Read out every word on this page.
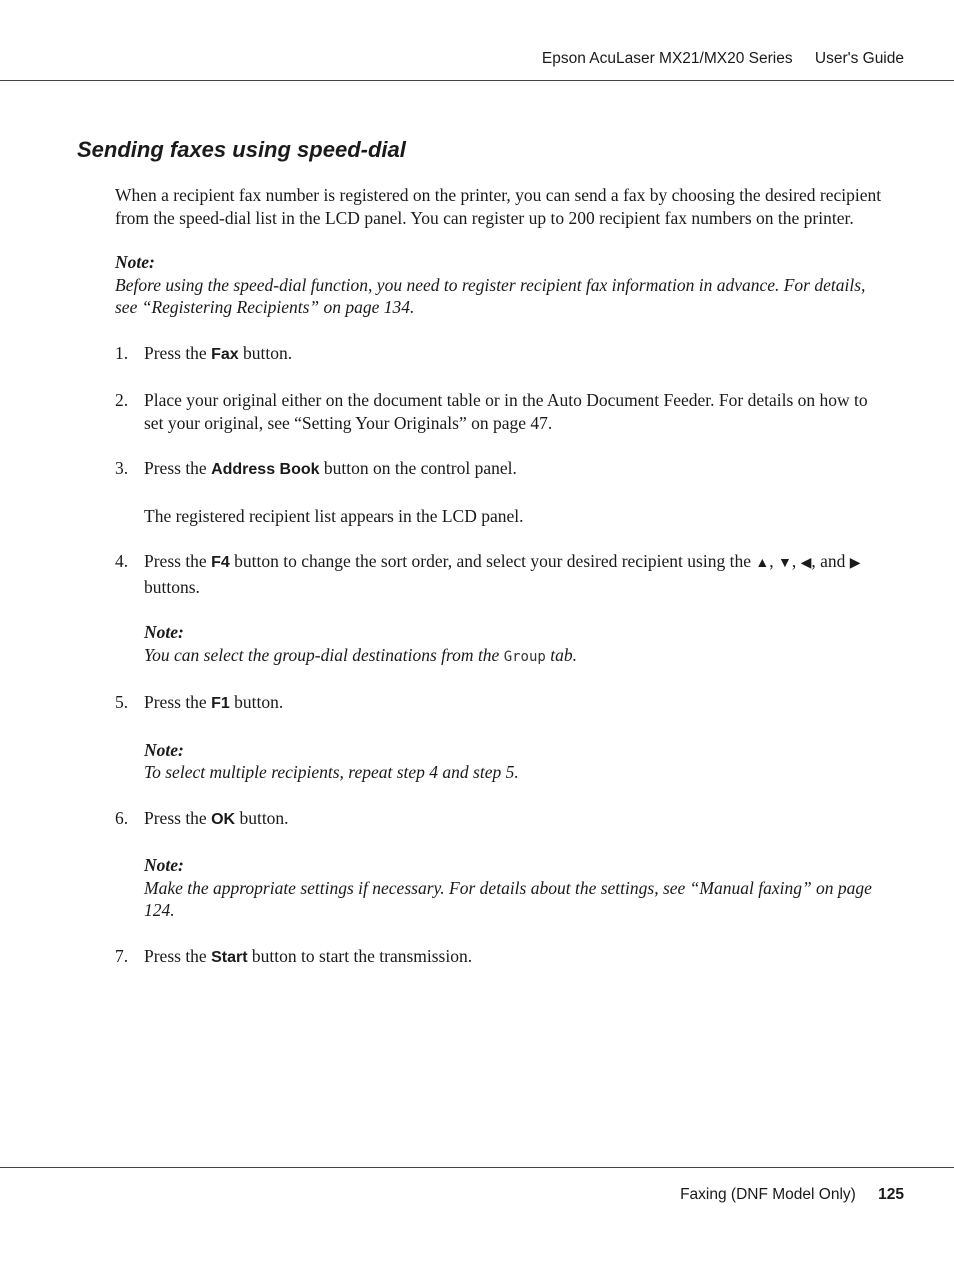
Epson AcuLaser MX21/MX20 Series User's Guide
Sending faxes using speed-dial

When a recipient fax number is registered on the printer, you can send a fax by choosing the desired recipient from the speed-dial list in the LCD panel. You can register up to 200 recipient fax numbers on the printer.

Note:

Before using the speed-dial function, you need to register recipient fax information in advance. For details, see “Registering Recipients” on page 134.

1. Press the Fax button.
2. Place your original either on the document table or in the Auto Document Feeder. For details on how to set your original, see “Setting Your Originals” on page 47.
3. Press the Address Book button on the control panel.

The registered recipient list appears in the LCD panel.

4. Press the F4 button to change the sort order, and select your desired recipient using the ▲, ▼, ◀, and ▶ buttons.

Note:

You can select the group-dial destinations from the Group tab.

5. Press the F1 button.

Note:

To select multiple recipients, repeat step 4 and step 5.

6. Press the OK button.

Note:

Make the appropriate settings if necessary. For details about the settings, see “Manual faxing” on page 124.

7. Press the Start button to start the transmission.
Faxing (DNF Model Only) 125
